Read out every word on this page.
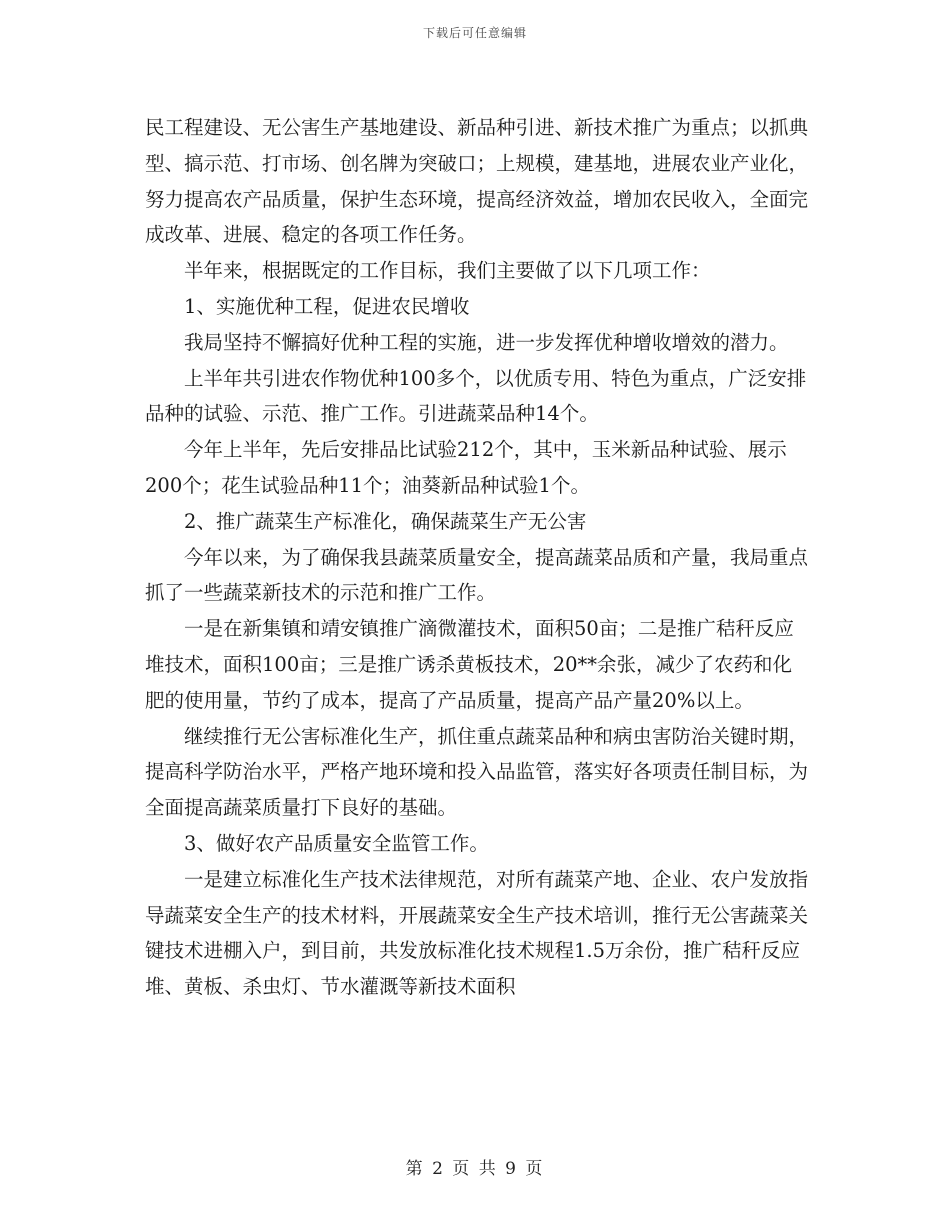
下载后可任意编辑

民工程建设、无公害生产基地建设、新品种引进、新技术推广为重点；以抓典型、搞示范、打市场、创名牌为突破口；上规模，建基地，进展农业产业化，努力提高农产品质量，保护生态环境，提高经济效益，增加农民收入，全面完成改革、进展、稳定的各项工作任务。

半年来，根据既定的工作目标，我们主要做了以下几项工作：

1、实施优种工程，促进农民增收

我局坚持不懈搞好优种工程的实施，进一步发挥优种增收增效的潜力。

上半年共引进农作物优种100多个，以优质专用、特色为重点，广泛安排品种的试验、示范、推广工作。引进蔬菜品种14个。

今年上半年，先后安排品比试验212个，其中，玉米新品种试验、展示200个；花生试验品种11个；油葵新品种试验1个。

2、推广蔬菜生产标准化，确保蔬菜生产无公害

今年以来，为了确保我县蔬菜质量安全，提高蔬菜品质和产量，我局重点抓了一些蔬菜新技术的示范和推广工作。

一是在新集镇和靖安镇推广滴微灌技术，面积50亩；二是推广秸秆反应堆技术，面积100亩；三是推广诱杀黄板技术，20**余张，减少了农药和化肥的使用量，节约了成本，提高了产品质量，提高产品产量20%以上。

继续推行无公害标准化生产，抓住重点蔬菜品种和病虫害防治关键时期，提高科学防治水平，严格产地环境和投入品监管，落实好各项责任制目标，为全面提高蔬菜质量打下良好的基础。

3、做好农产品质量安全监管工作。

一是建立标准化生产技术法律规范，对所有蔬菜产地、企业、农户发放指导蔬菜安全生产的技术材料，开展蔬菜安全生产技术培训，推行无公害蔬菜关键技术进棚入户，到目前，共发放标准化技术规程1.5万余份，推广秸秆反应堆、黄板、杀虫灯、节水灌溉等新技术面积

第 2 页 共 9 页
